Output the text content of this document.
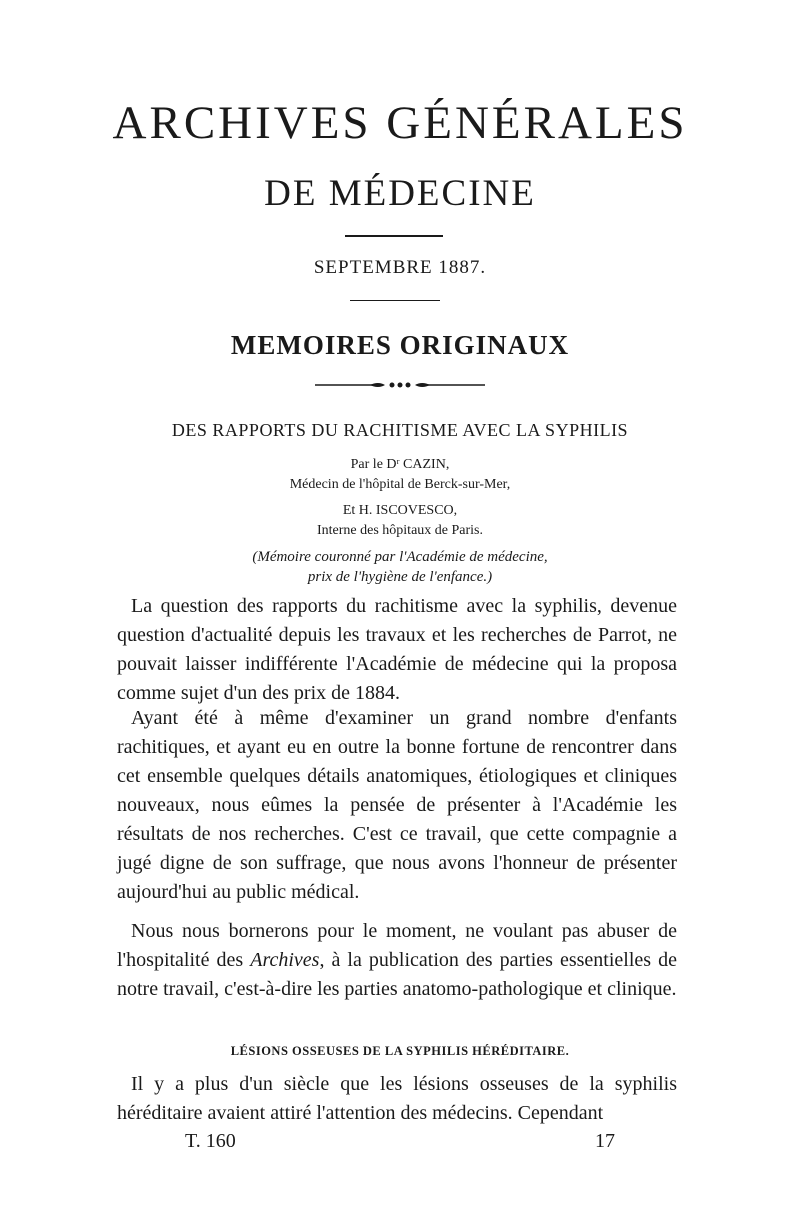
ARCHIVES GÉNÉRALES
DE MÉDECINE
SEPTEMBRE 1887.
MEMOIRES ORIGINAUX
DES RAPPORTS DU RACHITISME AVEC LA SYPHILIS
Par le Dʳ CAZIN,
Médecin de l'hôpital de Berck-sur-Mer,
Et H. ISCOVESCO,
Interne des hôpitaux de Paris.
(Mémoire couronné par l'Académie de médecine,
prix de l'hygiène de l'enfance.)

La question des rapports du rachitisme avec la syphilis, devenue question d'actualité depuis les travaux et les recherches de Parrot, ne pouvait laisser indifférente l'Académie de médecine qui la proposa comme sujet d'un des prix de 1884.

Ayant été à même d'examiner un grand nombre d'enfants rachitiques, et ayant eu en outre la bonne fortune de rencontrer dans cet ensemble quelques détails anatomiques, étiologiques et cliniques nouveaux, nous eûmes la pensée de présenter à l'Académie les résultats de nos recherches. C'est ce travail, que cette compagnie a jugé digne de son suffrage, que nous avons l'honneur de présenter aujourd'hui au public médical.

Nous nous bornerons pour le moment, ne voulant pas abuser de l'hospitalité des Archives, à la publication des parties essentielles de notre travail, c'est-à-dire les parties anatomo-pathologique et clinique.

LÉSIONS OSSEUSES DE LA SYPHILIS HÉRÉDITAIRE.

Il y a plus d'un siècle que les lésions osseuses de la syphilis héréditaire avaient attiré l'attention des médecins. Cependant

T. 160	17
